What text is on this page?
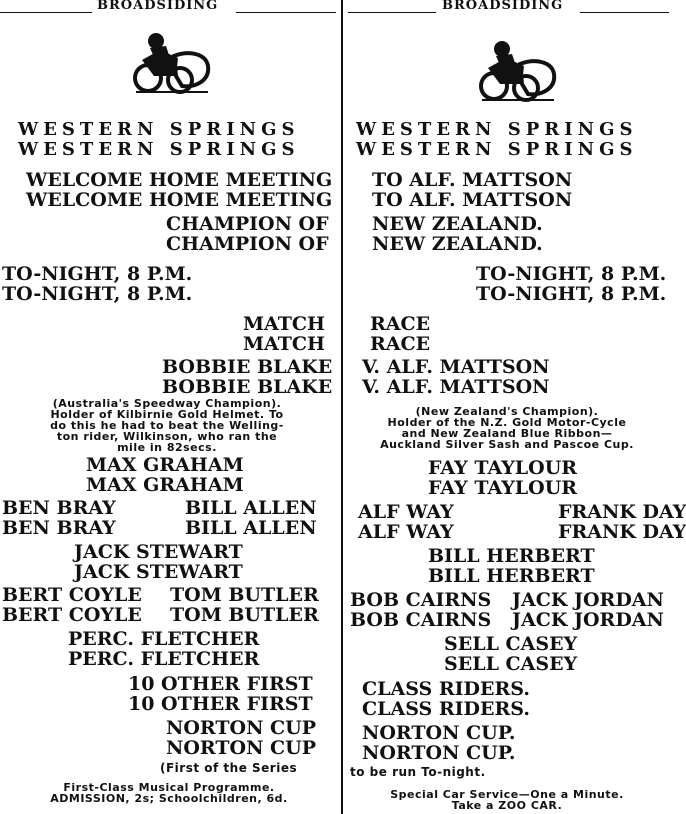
BROADSIDING
WESTERN SPRINGS
WESTERN SPRINGS
WELCOME HOME MEETING
WELCOME HOME MEETING
CHAMPION OF
CHAMPION OF
TO-NIGHT, 8 P.M.
TO-NIGHT, 8 P.M.
MATCH
MATCH
BOBBIE BLAKE
BOBBIE BLAKE
(Australia's Speedway Champion).
Holder of Kilbirnie Gold Helmet. To
do this he had to beat the Welling-
ton rider, Wilkinson, who ran the
mile in 82secs.
MAX GRAHAM
MAX GRAHAM
BEN BRAY
BEN BRAY
BILL ALLEN
BILL ALLEN
JACK STEWART
JACK STEWART
BERT COYLE
BERT COYLE
TOM BUTLER
TOM BUTLER
PERC. FLETCHER
PERC. FLETCHER
10 OTHER FIRST
10 OTHER FIRST
NORTON CUP
NORTON CUP
(First of the Series
First-Class Musical Programme.
ADMISSION, 2s; Schoolchildren, 6d.
BROADSIDING
WESTERN SPRINGS
WESTERN SPRINGS
TO ALF. MATTSON
TO ALF. MATTSON
NEW ZEALAND.
NEW ZEALAND.
TO-NIGHT, 8 P.M.
TO-NIGHT, 8 P.M.
RACE
RACE
V. ALF. MATTSON
V. ALF. MATTSON
(New Zealand's Champion).
Holder of the N.Z. Gold Motor-Cycle
and New Zealand Blue Ribbon—
Auckland Silver Sash and Pascoe Cup.
FAY TAYLOUR
FAY TAYLOUR
ALF WAY
ALF WAY
FRANK DAY
FRANK DAY
BILL HERBERT
BILL HERBERT
BOB CAIRNS
BOB CAIRNS
JACK JORDAN
JACK JORDAN
SELL CASEY
SELL CASEY
CLASS RIDERS.
CLASS RIDERS.
NORTON CUP.
NORTON CUP.
to be run To-night.
Special Car Service—One a Minute.
Take a ZOO CAR.
